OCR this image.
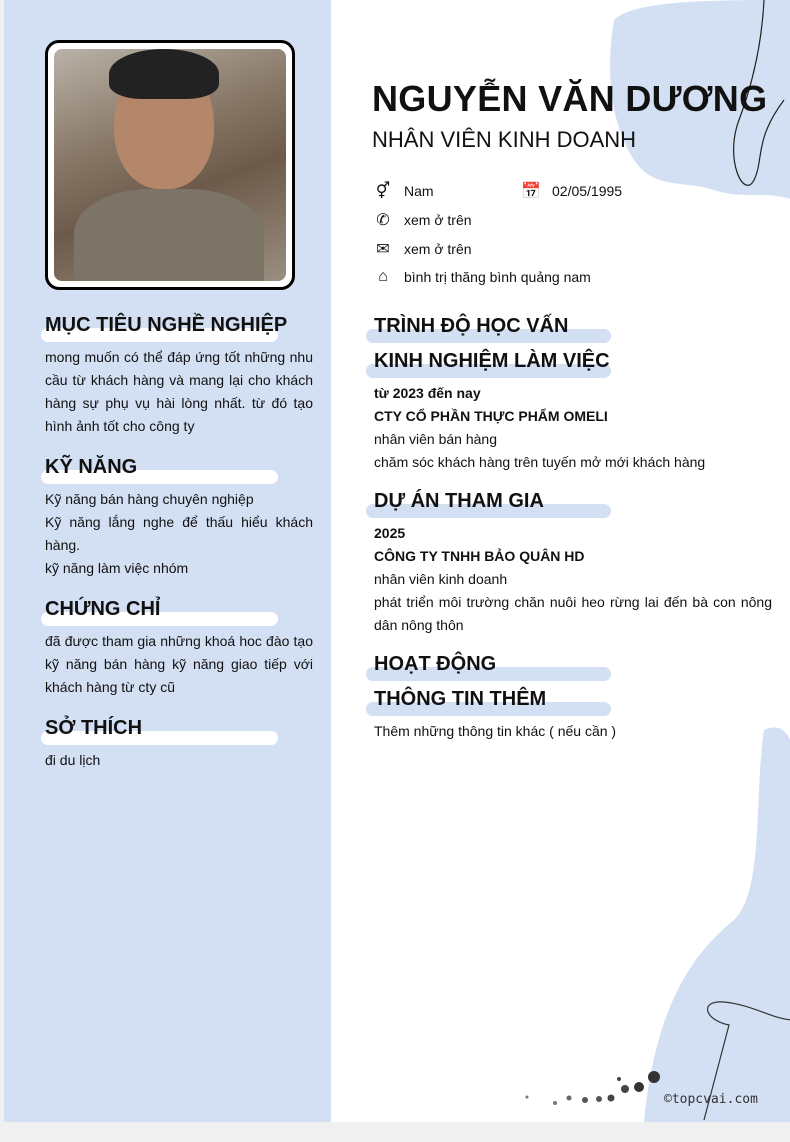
MỤC TIÊU NGHỀ NGHIỆP
mong muốn có thể đáp ứng tốt những nhu cầu từ khách hàng và mang lại cho khách hàng sự phụ vụ hài lòng nhất. từ đó tạo hình ảnh tốt cho công ty
KỸ NĂNG
Kỹ năng bán hàng chuyên nghiệp
Kỹ năng lắng nghe để thấu hiểu khách hàng.
kỹ năng làm việc nhóm
CHỨNG CHỈ
đã được tham gia những khoá hoc đào tạo kỹ năng bán hàng kỹ năng giao tiếp với khách hàng từ cty cũ
SỞ THÍCH
đi du lịch
NGUYỄN VĂN DƯƠNG
NHÂN VIÊN KINH DOANH
⚥ Nam	📅 02/05/1995
✆	xem ở trên
✉	xem ở trên
⌂	bình trị thăng bình quảng nam
TRÌNH ĐỘ HỌC VẤN
KINH NGHIỆM LÀM VIỆC
từ 2023 đến nay
CTY CỔ PHẦN THỰC PHẨM OMELI
nhân viên bán hàng
chăm sóc khách hàng trên tuyến mở mới khách hàng
DỰ ÁN THAM GIA
2025
CÔNG TY TNHH BẢO QUÂN HD
nhân viên kinh doanh
phát triển môi trường chăn nuôi heo rừng lai đến bà con nông dân nông thôn
HOẠT ĐỘNG
THÔNG TIN THÊM
Thêm những thông tin khác ( nếu cần )
©topcvai.com
